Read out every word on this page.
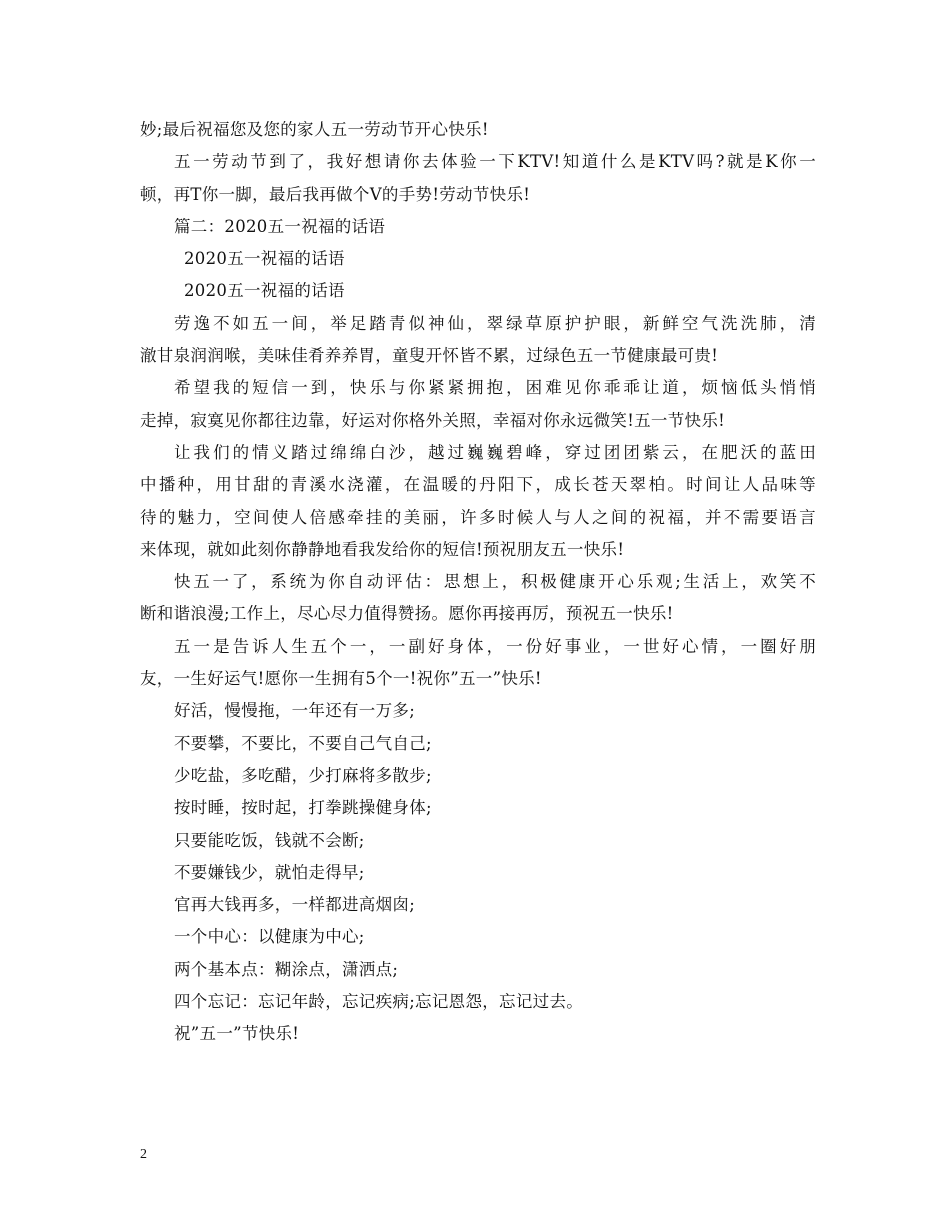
妙;最后祝福您及您的家人五一劳动节开心快乐!
五一劳动节到了，我好想请你去体验一下KTV!知道什么是KTV吗?就是K你一
顿，再T你一脚，最后我再做个V的手势!劳动节快乐!
篇二：2020五一祝福的话语
2020五一祝福的话语
2020五一祝福的话语
劳逸不如五一间，举足踏青似神仙，翠绿草原护护眼，新鲜空气洗洗肺，清
澈甘泉润润喉，美味佳肴养养胃，童叟开怀皆不累，过绿色五一节健康最可贵!
希望我的短信一到，快乐与你紧紧拥抱，困难见你乖乖让道，烦恼低头悄悄
走掉，寂寞见你都往边靠，好运对你格外关照，幸福对你永远微笑!五一节快乐!
让我们的情义踏过绵绵白沙，越过巍巍碧峰，穿过团团紫云，在肥沃的蓝田
中播种，用甘甜的青溪水浇灌，在温暖的丹阳下，成长苍天翠柏。时间让人品味等
待的魅力，空间使人倍感牵挂的美丽，许多时候人与人之间的祝福，并不需要语言
来体现，就如此刻你静静地看我发给你的短信!预祝朋友五一快乐!
快五一了，系统为你自动评估：思想上，积极健康开心乐观;生活上，欢笑不
断和谐浪漫;工作上，尽心尽力值得赞扬。愿你再接再厉，预祝五一快乐!
五一是告诉人生五个一，一副好身体，一份好事业，一世好心情，一圈好朋
友，一生好运气!愿你一生拥有5个一!祝你”五一”快乐!
好活，慢慢拖，一年还有一万多;
不要攀，不要比，不要自己气自己;
少吃盐，多吃醋，少打麻将多散步;
按时睡，按时起，打拳跳操健身体;
只要能吃饭，钱就不会断;
不要嫌钱少，就怕走得早;
官再大钱再多，一样都进高烟囱;
一个中心：以健康为中心;
两个基本点：糊涂点，潇洒点;
四个忘记：忘记年龄，忘记疾病;忘记恩怨，忘记过去。
祝”五一”节快乐!
2
